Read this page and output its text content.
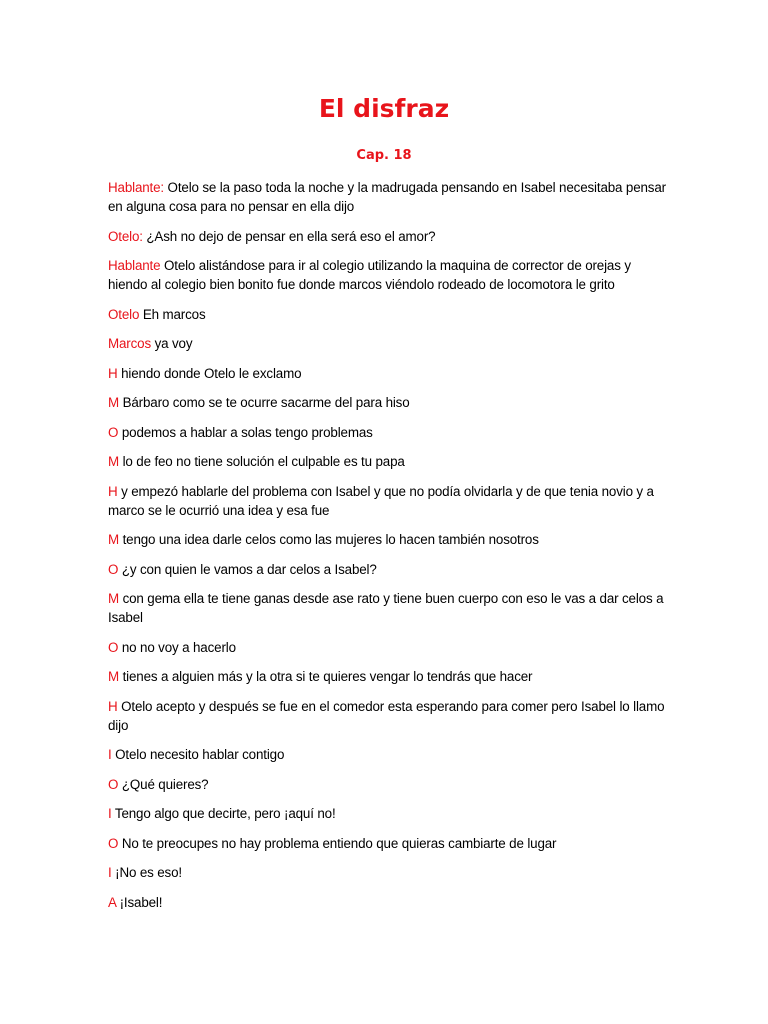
El disfraz
Cap. 18

Hablante: Otelo se la paso toda la noche y la madrugada pensando en Isabel necesitaba pensar en alguna cosa para no pensar en ella dijo

Otelo: ¿Ash no dejo de pensar en ella será eso el amor?

Hablante Otelo alistándose para ir al colegio utilizando la maquina de corrector de orejas y hiendo al colegio bien bonito fue donde marcos viéndolo rodeado de locomotora le grito

Otelo Eh marcos

Marcos ya voy

H hiendo donde Otelo le exclamo

M Bárbaro como se te ocurre sacarme del para hiso

O podemos a hablar a solas tengo problemas

M lo de feo no tiene solución el culpable es tu papa

H y empezó hablarle del problema con Isabel y que no podía olvidarla y de que tenia novio y a marco se le ocurrió una idea y esa fue

M tengo una idea darle celos como las mujeres lo hacen también nosotros

O ¿y con quien le vamos a dar celos a Isabel?

M con gema ella te tiene ganas desde ase rato y tiene buen cuerpo con eso le vas a dar celos a Isabel

O no no voy a hacerlo

M tienes a alguien más y la otra si te quieres vengar lo tendrás que hacer

H Otelo acepto y después se fue en el comedor esta esperando para comer pero Isabel lo llamo dijo

I Otelo necesito hablar contigo

O ¿Qué quieres?

I Tengo algo que decirte, pero ¡aquí no!

O No te preocupes no hay problema entiendo que quieras cambiarte de lugar

I ¡No es eso!

A ¡Isabel!
